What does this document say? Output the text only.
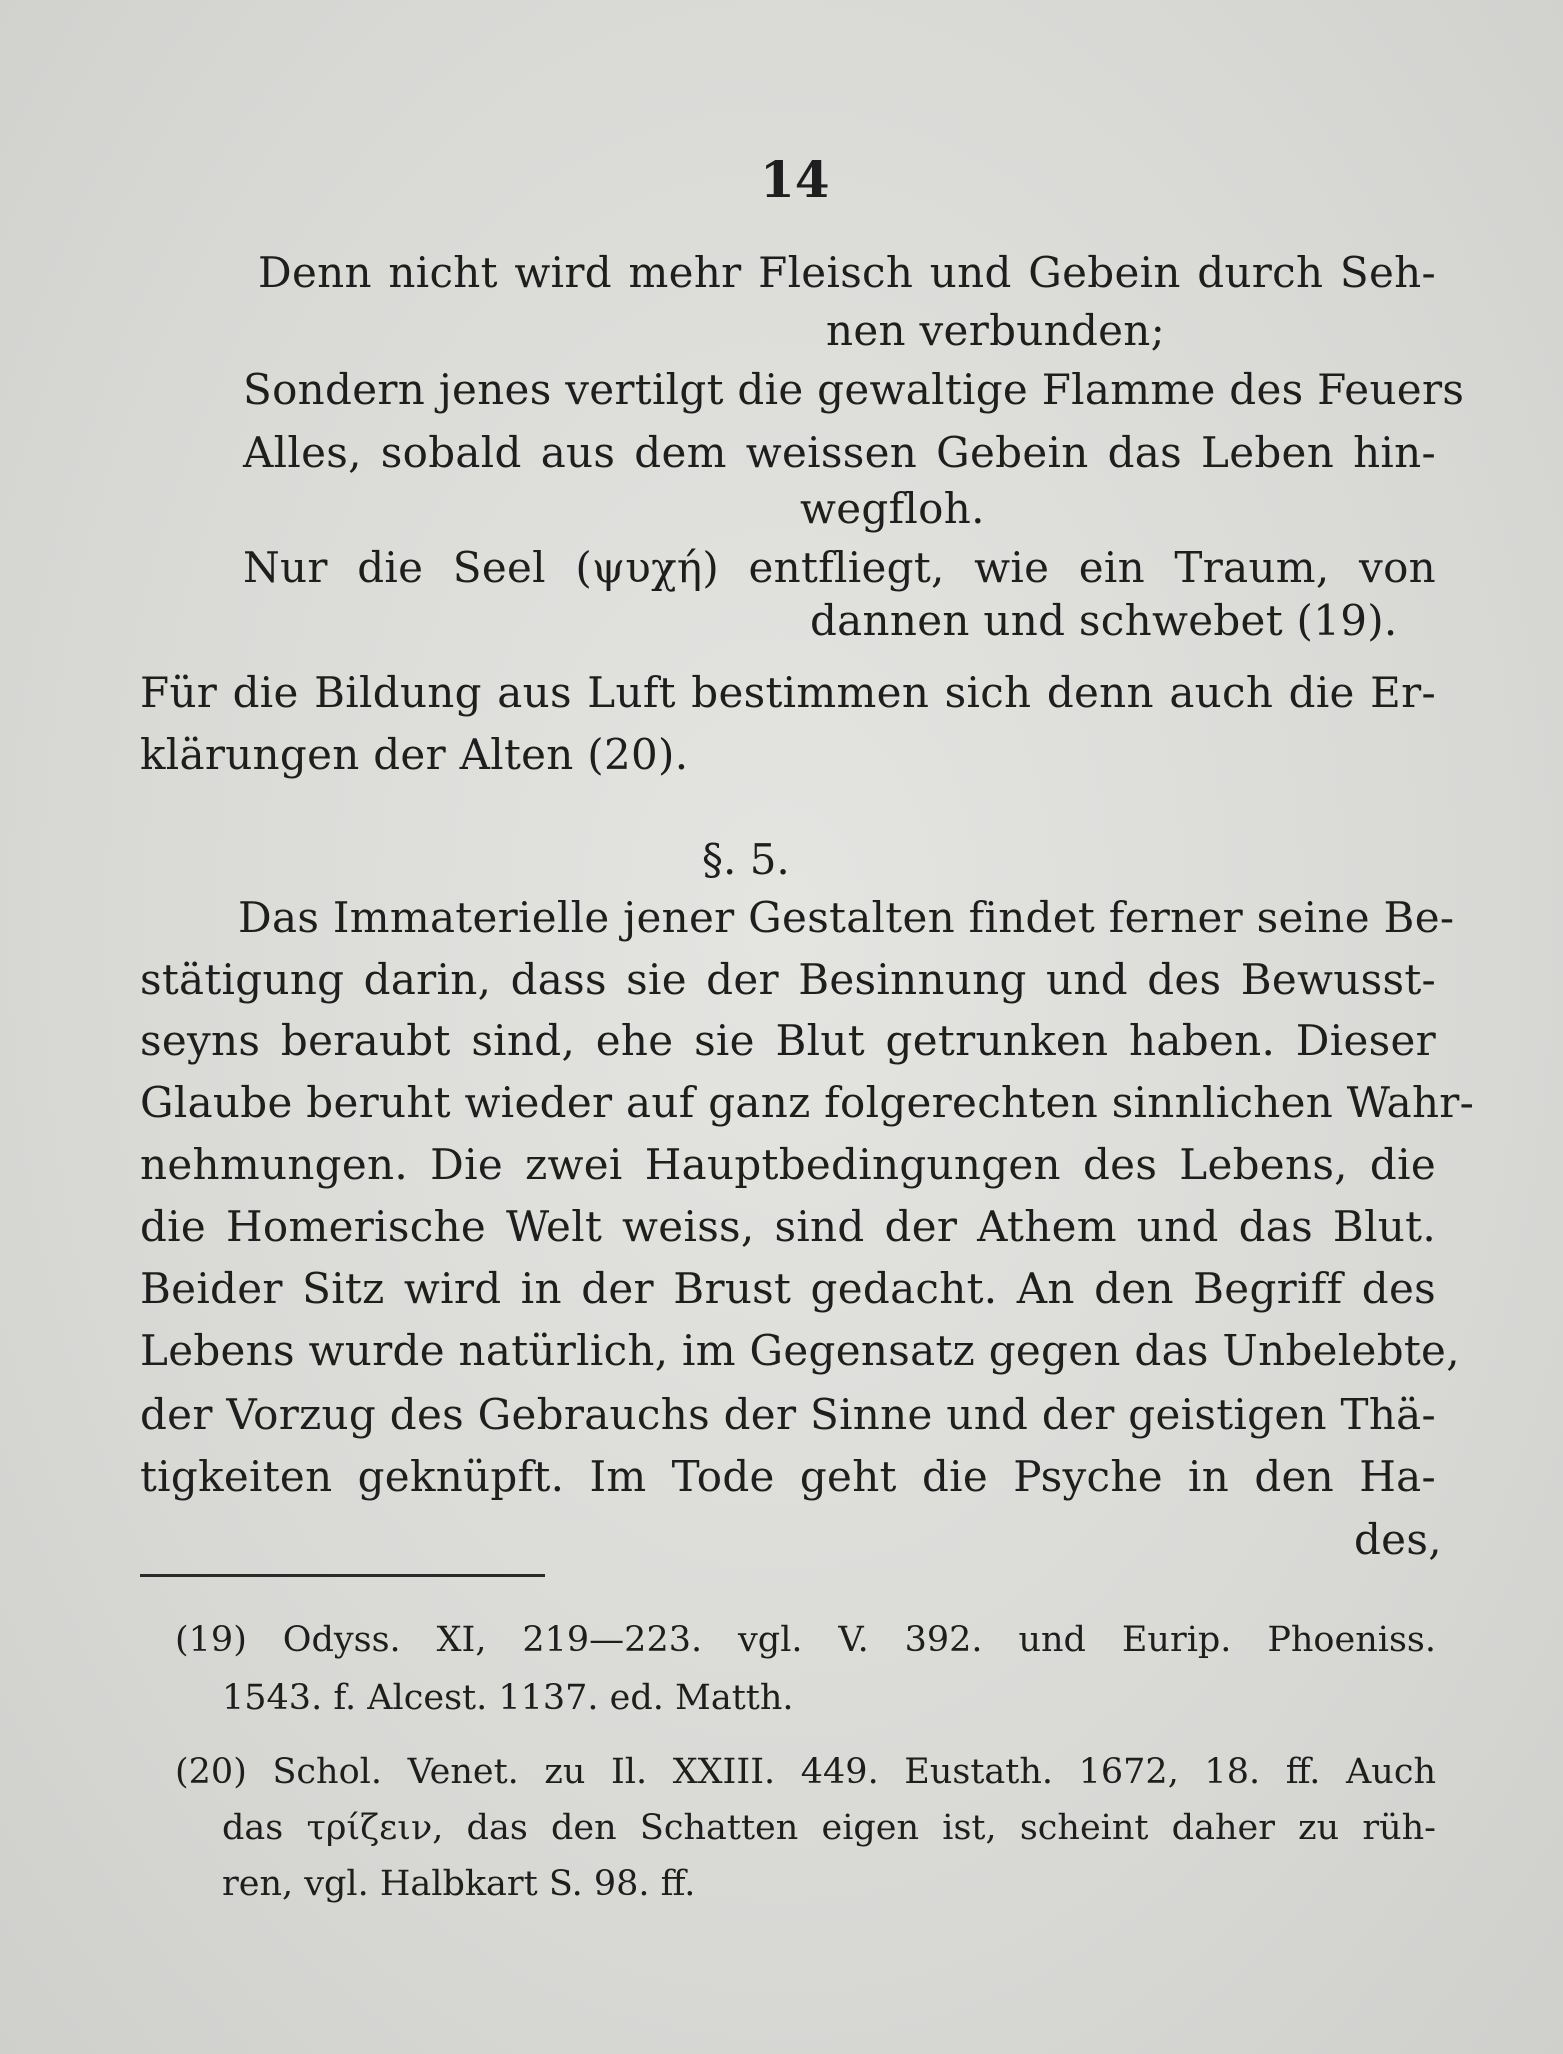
14
Denn nicht wird mehr Fleisch und Gebein durch Seh-
nen verbunden;
Sondern jenes vertilgt die gewaltige Flamme des Feuers
Alles, sobald aus dem weissen Gebein das Leben hin-
wegfloh.
Nur die Seel (ψυχή) entfliegt, wie ein Traum, von
dannen und schwebet (19).
Für die Bildung aus Luft bestimmen sich denn auch die Er-
klärungen der Alten (20).
§. 5.
Das Immaterielle jener Gestalten findet ferner seine Be-
stätigung darin, dass sie der Besinnung und des Bewusst-
seyns beraubt sind, ehe sie Blut getrunken haben. Dieser
Glaube beruht wieder auf ganz folgerechten sinnlichen Wahr-
nehmungen. Die zwei Hauptbedingungen des Lebens, die
die Homerische Welt weiss, sind der Athem und das Blut.
Beider Sitz wird in der Brust gedacht. An den Begriff des
Lebens wurde natürlich, im Gegensatz gegen das Unbelebte,
der Vorzug des Gebrauchs der Sinne und der geistigen Thä-
tigkeiten geknüpft. Im Tode geht die Psyche in den Ha-
des,
(19) Odyss. XI, 219—223. vgl. V. 392. und Eurip. Phoeniss.
1543. f. Alcest. 1137. ed. Matth.
(20) Schol. Venet. zu Il. XXIII. 449. Eustath. 1672, 18. ff. Auch
das τρίζειν, das den Schatten eigen ist, scheint daher zu rüh-
ren, vgl. Halbkart S. 98. ff.
